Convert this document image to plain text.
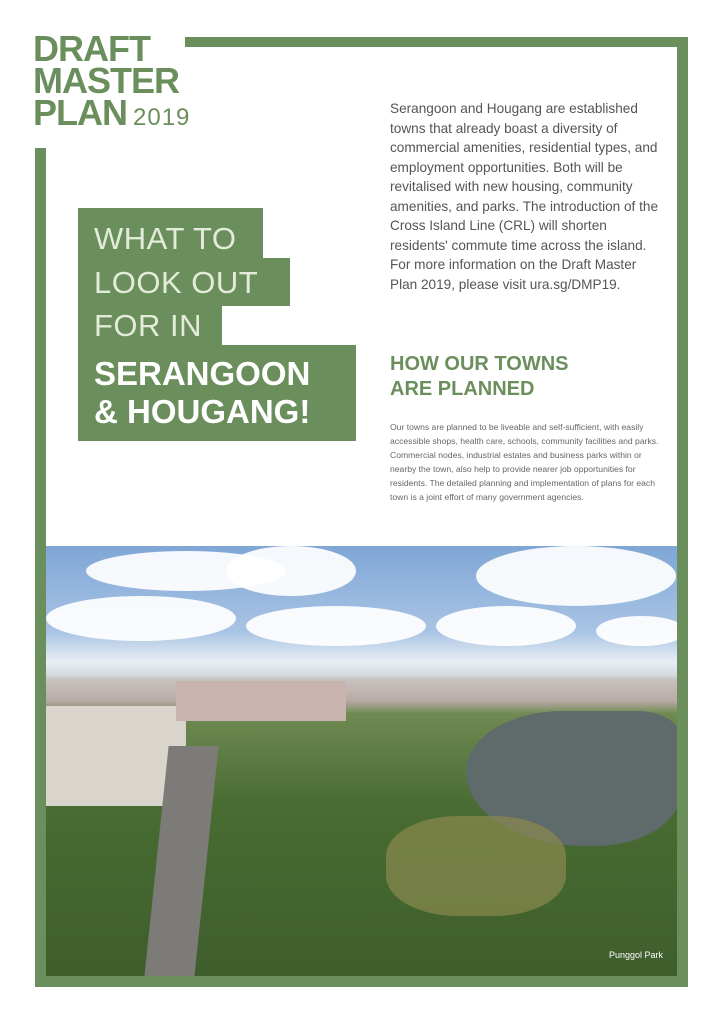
DRAFT
MASTER
PLAN 2019
WHAT TO
LOOK OUT
FOR IN
SERANGOON
& HOUGANG!
Serangoon and Hougang are established towns that already boast a diversity of commercial amenities, residential types, and employment opportunities. Both will be revitalised with new housing, community amenities, and parks. The introduction of the Cross Island Line (CRL) will shorten residents' commute time across the island. For more information on the Draft Master Plan 2019, please visit ura.sg/DMP19.
HOW OUR TOWNS
ARE PLANNED
Our towns are planned to be liveable and self-sufficient, with easily accessible shops, health care, schools, community facilities and parks. Commercial nodes, industrial estates and business parks within or nearby the town, also help to provide nearer job opportunities for residents. The detailed planning and implementation of plans for each town is a joint effort of many government agencies.
Punggol Park
